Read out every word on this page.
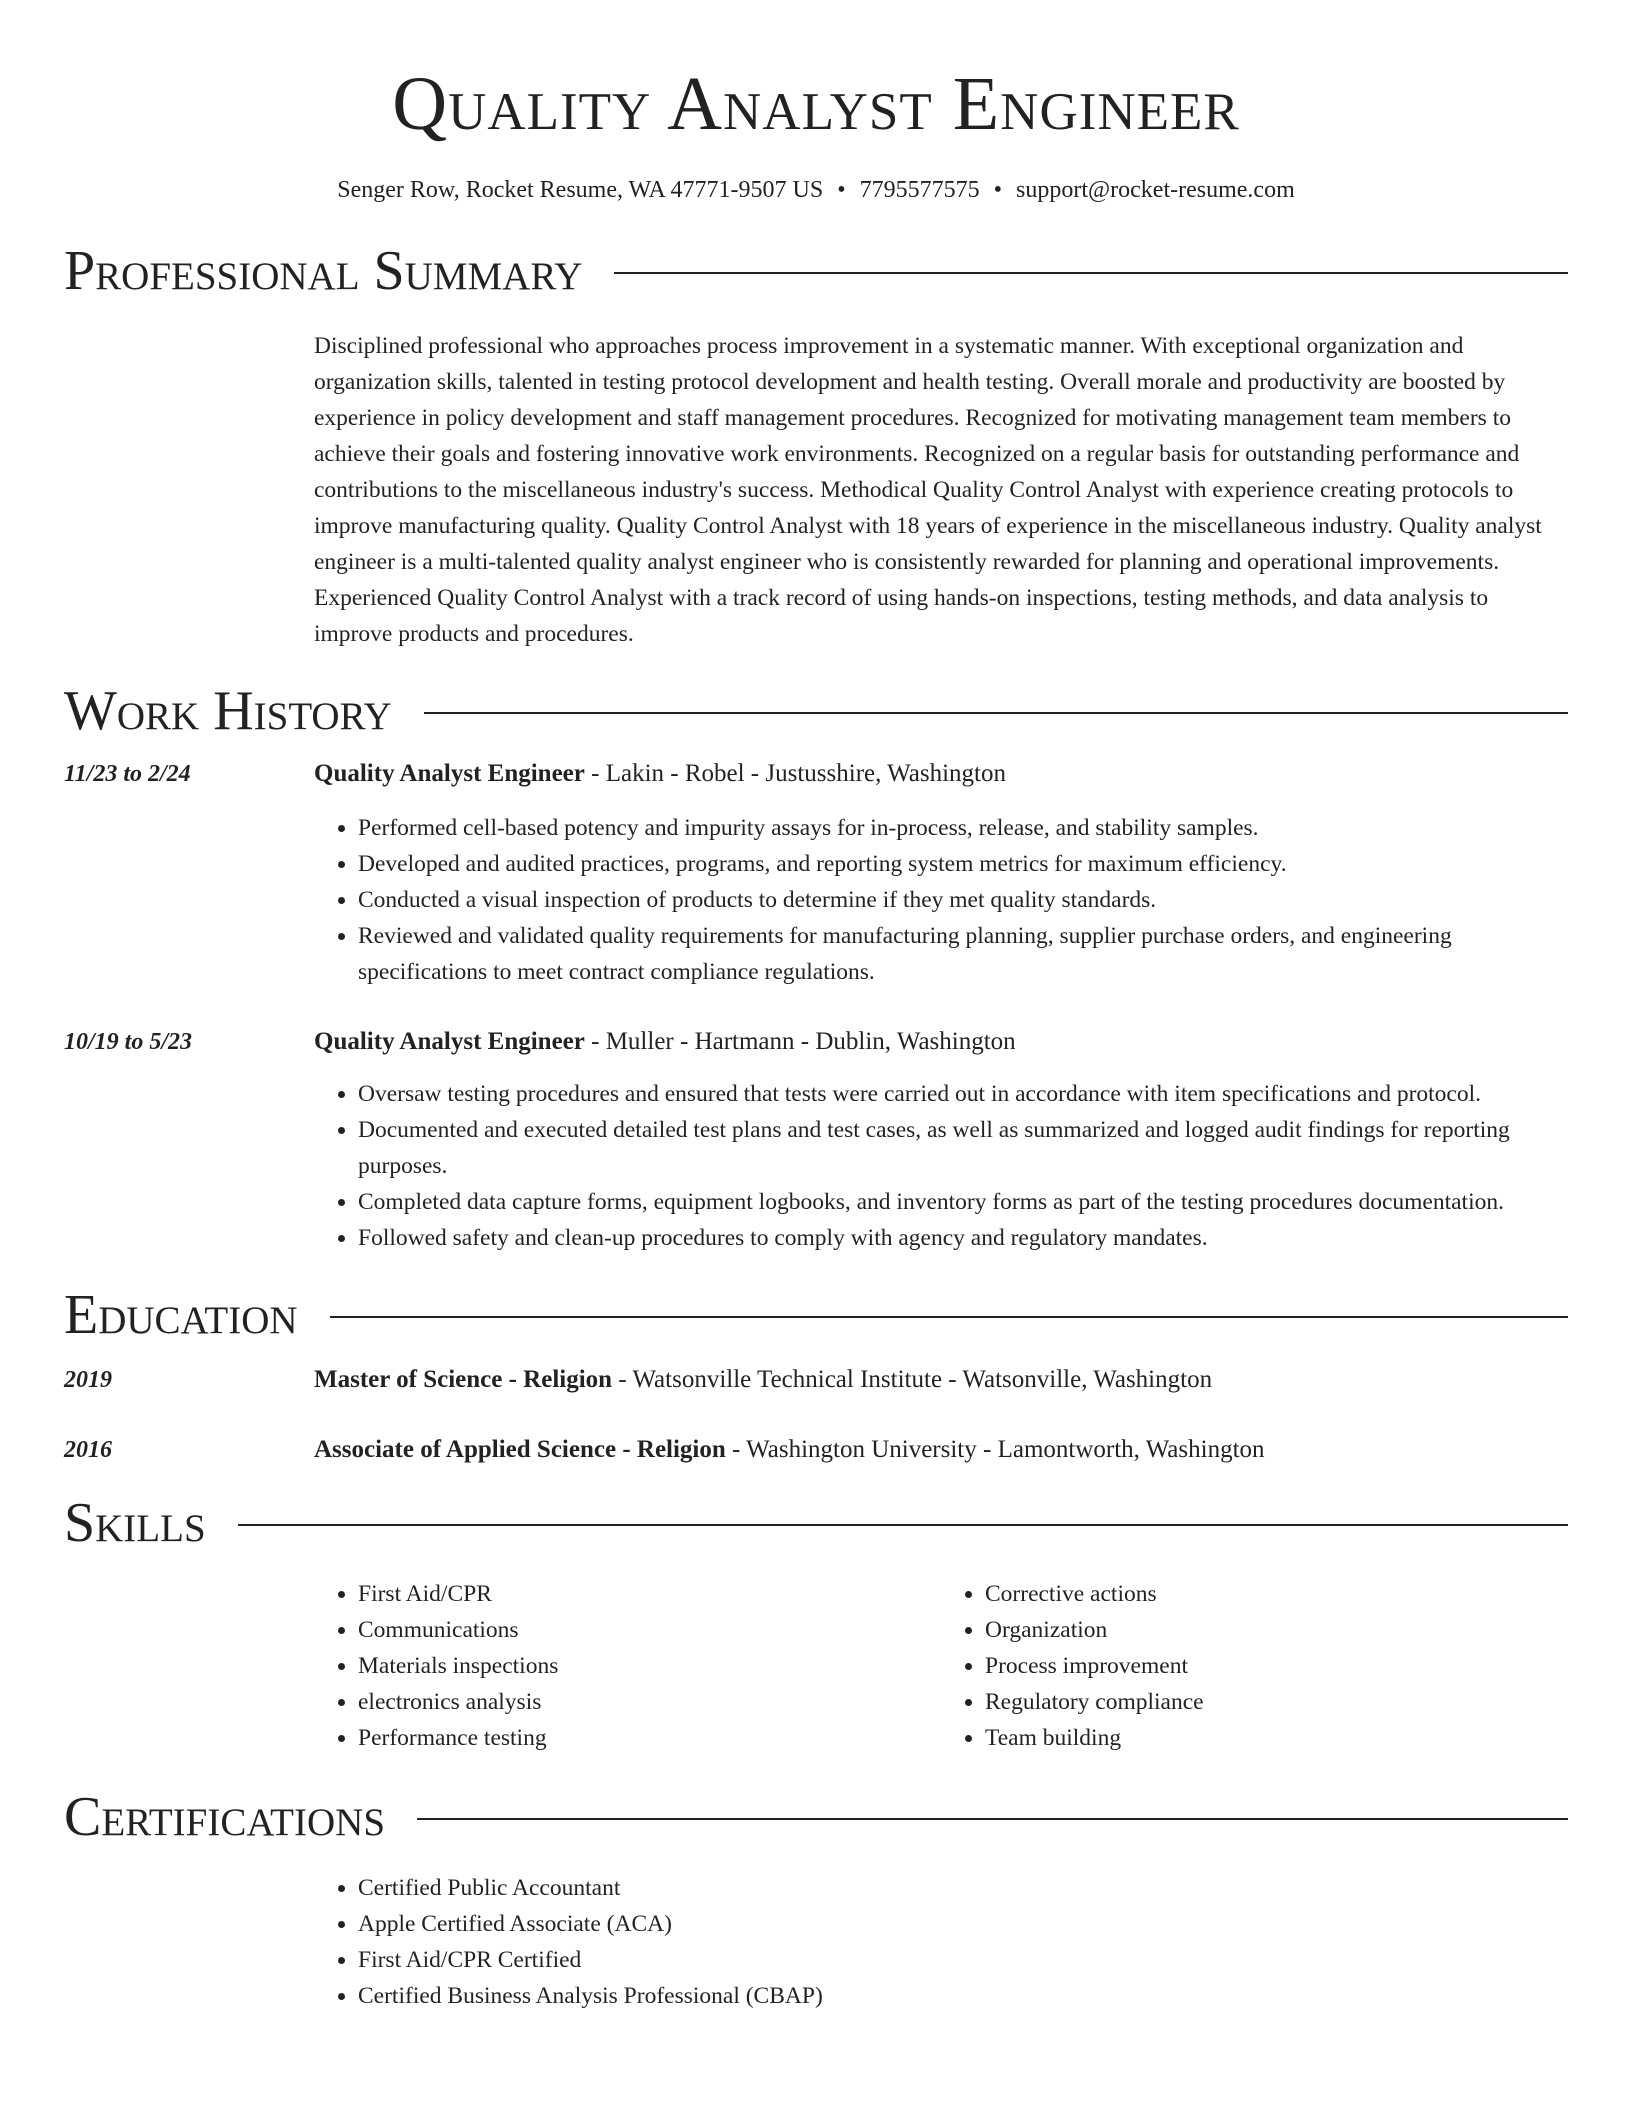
Quality Analyst Engineer
Senger Row, Rocket Resume, WA 47771-9507 US • 7795577575 • support@rocket-resume.com
Professional Summary

Disciplined professional who approaches process improvement in a systematic manner. With exceptional organization and organization skills, talented in testing protocol development and health testing. Overall morale and productivity are boosted by experience in policy development and staff management procedures. Recognized for motivating management team members to achieve their goals and fostering innovative work environments. Recognized on a regular basis for outstanding performance and contributions to the miscellaneous industry's success. Methodical Quality Control Analyst with experience creating protocols to improve manufacturing quality. Quality Control Analyst with 18 years of experience in the miscellaneous industry. Quality analyst engineer is a multi-talented quality analyst engineer who is consistently rewarded for planning and operational improvements. Experienced Quality Control Analyst with a track record of using hands-on inspections, testing methods, and data analysis to improve products and procedures.

Work History
11/23 to 2/24	Quality Analyst Engineer - Lakin - Robel - Justusshire, Washington
• Performed cell-based potency and impurity assays for in-process, release, and stability samples.
• Developed and audited practices, programs, and reporting system metrics for maximum efficiency.
• Conducted a visual inspection of products to determine if they met quality standards.
• Reviewed and validated quality requirements for manufacturing planning, supplier purchase orders, and engineering specifications to meet contract compliance regulations.
10/19 to 5/23	Quality Analyst Engineer - Muller - Hartmann - Dublin, Washington
• Oversaw testing procedures and ensured that tests were carried out in accordance with item specifications and protocol.
• Documented and executed detailed test plans and test cases, as well as summarized and logged audit findings for reporting purposes.
• Completed data capture forms, equipment logbooks, and inventory forms as part of the testing procedures documentation.
• Followed safety and clean-up procedures to comply with agency and regulatory mandates.
Education
2019	Master of Science - Religion - Watsonville Technical Institute - Watsonville, Washington
2016	Associate of Applied Science - Religion - Washington University - Lamontworth, Washington
Skills
• First Aid/CPR
• Communications
• Materials inspections
• electronics analysis
• Performance testing
• Corrective actions
• Organization
• Process improvement
• Regulatory compliance
• Team building
Certifications
• Certified Public Accountant
• Apple Certified Associate (ACA)
• First Aid/CPR Certified
• Certified Business Analysis Professional (CBAP)
